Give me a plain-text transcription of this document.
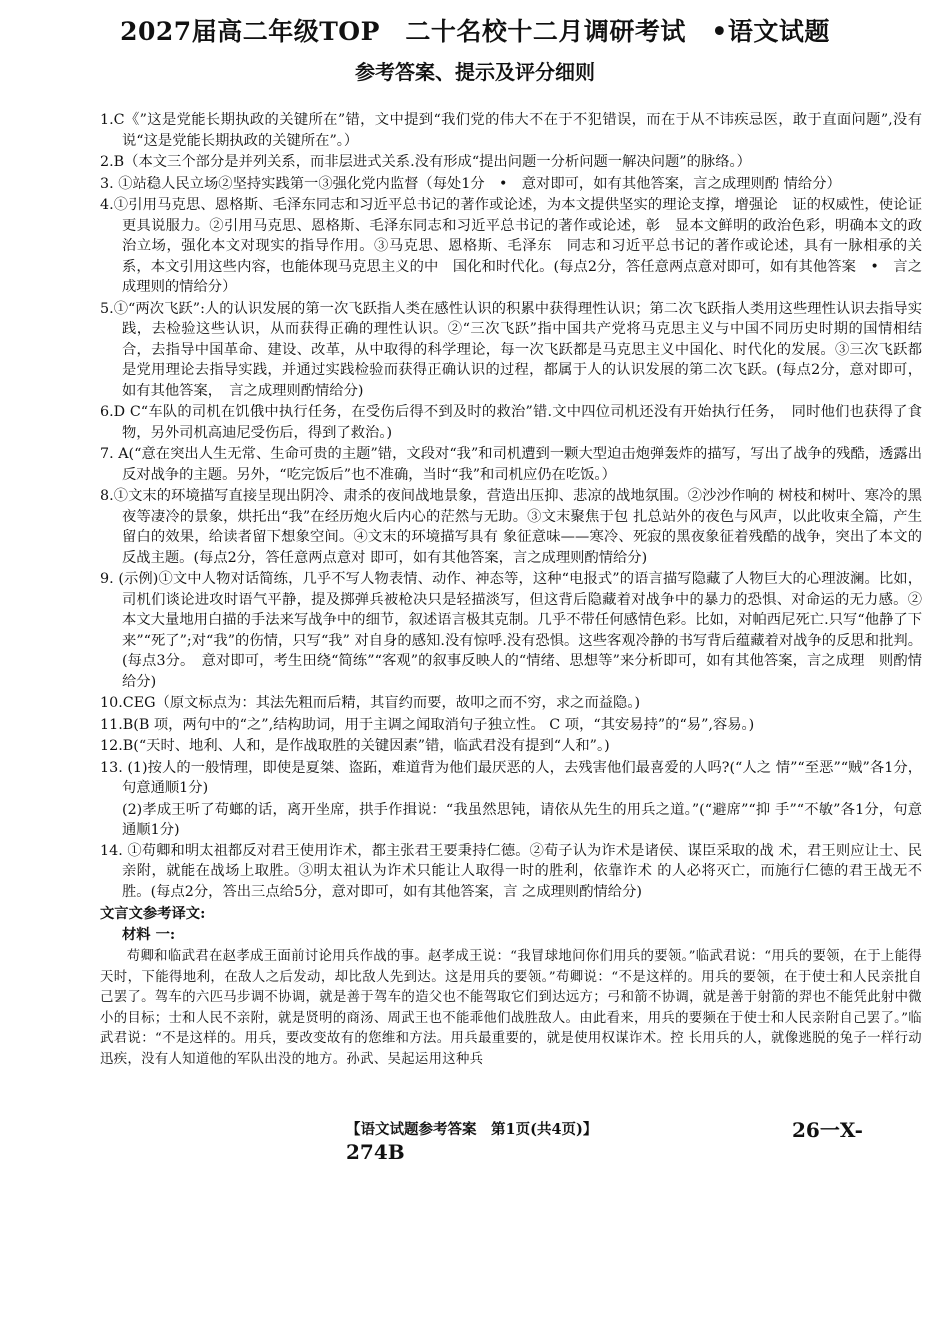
2027届高二年级TOP　二十名校十二月调研考试　•语文试题
参考答案、提示及评分细则

1.C《”这是党能长期执政的关键所在”错，文中提到“我们党的伟大不在于不犯错误，而在于从不讳疾忌医，敢于直面问题”,没有说“这是党能长期执政的关键所在”。）

2.B（本文三个部分是并列关系，而非层进式关系.没有形成“提出问题一分析问题一解决问题”的脉络。）

3. ①站稳人民立场②坚持实践第一③强化党内监督（每处1分　•　意对即可，如有其他答案，言之成理则酌 情给分）

4.①引用马克思、恩格斯、毛泽东同志和习近平总书记的著作或论述，为本文提供坚实的理论支撑，增强论　证的权威性，使论证更具说服力。②引用马克思、恩格斯、毛泽东同志和习近平总书记的著作或论述，彰　显本文鲜明的政治色彩，明确本文的政治立场，强化本文对现实的指导作用。③马克思、恩格斯、毛泽东　同志和习近平总书记的著作或论述，具有一脉相承的关系，本文引用这些内容，也能体现马克思主义的中　国化和时代化。(每点2分，答任意两点意对即可，如有其他答案　•　言之成理则的情给分）

5.①“两次飞跃”:人的认识发展的第一次飞跃指人类在感性认识的积累中获得理性认识；第二次飞跃指人类用这些理性认识去指导实践，去检验这些认识，从而获得正确的理性认识。②“三次飞跃”指中国共产党将马克思主义与中国不同历史时期的国情相结合，去指导中国革命、建设、改革，从中取得的科学理论，每一次飞跃都是马克思主义中国化、时代化的发展。③三次飞跃都是党用理论去指导实践，并通过实践检验而获得正确认识的过程，都属于人的认识发展的第二次飞跃。(每点2分，意对即可，如有其他答案，　言之成理则酌情给分)

6.D C“车队的司机在饥俄中执行任务，在受伤后得不到及时的救治”错.文中四位司机还没有开始执行任务，　同时他们也获得了食物，另外司机高迪尼受伤后，得到了救治。)

7. A(“意在突出人生无常、生命可贵的主题”错，文段对“我”和司机遭到一颗大型迫击炮弹轰炸的描写，写出了战争的残酷，透露出反对战争的主题。另外，“吃完饭后”也不准确，当时“我”和司机应仍在吃饭。）

8.①文末的环境描写直接呈现出阴冷、肃杀的夜间战地景象，营造出压抑、悲凉的战地氛围。②沙沙作响的 树枝和树叶、寒冷的黑夜等凄冷的景象，烘托出“我”在经历炮火后内心的茫然与无助。③文末聚焦于包 扎总站外的夜色与风声，以此收束全篇，产生留白的效果，给读者留下想象空间。④文末的环境描写具有 象征意味——寒冷、死寂的黑夜象征着残酷的战争，突出了本文的反战主题。(每点2分，答任意两点意对 即可，如有其他答案，言之成理则酌情给分)

9. (示例)①文中人物对话简练，几乎不写人物表情、动作、神态等，这种“电报式”的语言描写隐藏了人物巨大的心理波澜。比如，司机们谈论进攻时语气平静，提及掷弹兵被枪决只是轻描淡写，但这背后隐藏着对战争中的暴力的恐惧、对命运的无力感。②本文大量地用白描的手法来写战争中的细节，叙述语言极其克制。几乎不带任何感情色彩。比如，对帕西尼死亡.只写“他静了下来”“死了”;对“我”的伤情，只写“我” 对自身的感知.没有惊呼.没有恐惧。这些客观冷静的书写背后蕴藏着对战争的反思和批判。(每点3分。　意对即可，考生田绕“简练”“客观”的叙事反映人的“情绪、思想等”来分析即可，如有其他答案，言之成理　则酌情给分)

10.CEG（原文标点为：其法先粗而后精，其盲约而要，故叩之而不穷，求之而益隐。)

11.B(B 项，两句中的“之”,结构助词，用于主调之闻取消句子独立性。 C 项，“其安易持”的“易”,容易。)

12.B(“天时、地利、人和，是作战取胜的关键因素”错，临武君没有提到“人和”。)

13. (1)按人的一般情理，即使是夏桀、盗跖，难道背为他们最厌恶的人，去残害他们最喜爱的人吗?(“人之 情”“至恶”“贼”各1分，句意通顺1分)

(2)孝成王听了苟螂的话，离开坐席，拱手作揖说：“我虽然思钝，请依从先生的用兵之道。”(“避席”“抑 手”“不敏”各1分，句意通顺1分)

14. ①苟卿和明太祖都反对君王使用诈术，都主张君王要秉持仁德。②荀子认为诈术是诸侯、谋臣采取的战 术，君王则应让士、民亲附，就能在战场上取胜。③明太祖认为诈术只能让人取得一时的胜利，依靠诈术 的人必将灭亡，而施行仁德的君王战无不胜。(每点2分，答出三点给5分，意对即可，如有其他答案，言 之成理则酌情给分)

文言文参考译文:

材料 一:

苟卿和临武君在赵孝成王面前讨论用兵作战的事。赵孝成王说：“我冒球地问你们用兵的要领。”临武君说：“用兵的要领，在于上能得天时，下能得地利，在敌人之后发动，却比敌人先到达。这是用兵的要领。”苟卿说：“不是这样的。用兵的要领，在于使士和人民亲批自己罢了。驾车的六匹马步调不协调，就是善于驾车的造父也不能驾取它们到达远方；弓和箭不协调，就是善于射箭的羿也不能凭此射中微小的目标；士和人民不亲附，就是贤明的商汤、周武王也不能乖他们战胜敌人。由此看来，用兵的要频在于使士和人民亲附自己罢了。”临武君说：“不是这样的。用兵，要改变故有的您维和方法。用兵最重要的，就是使用权谋诈术。控 长用兵的人，就像逃脱的兔子一样行动迅疾，没有人知道他的军队出没的地方。孙武、吴起运用这种兵

【语文试题参考答案　第1页(共4页)】	26一X-
274B
